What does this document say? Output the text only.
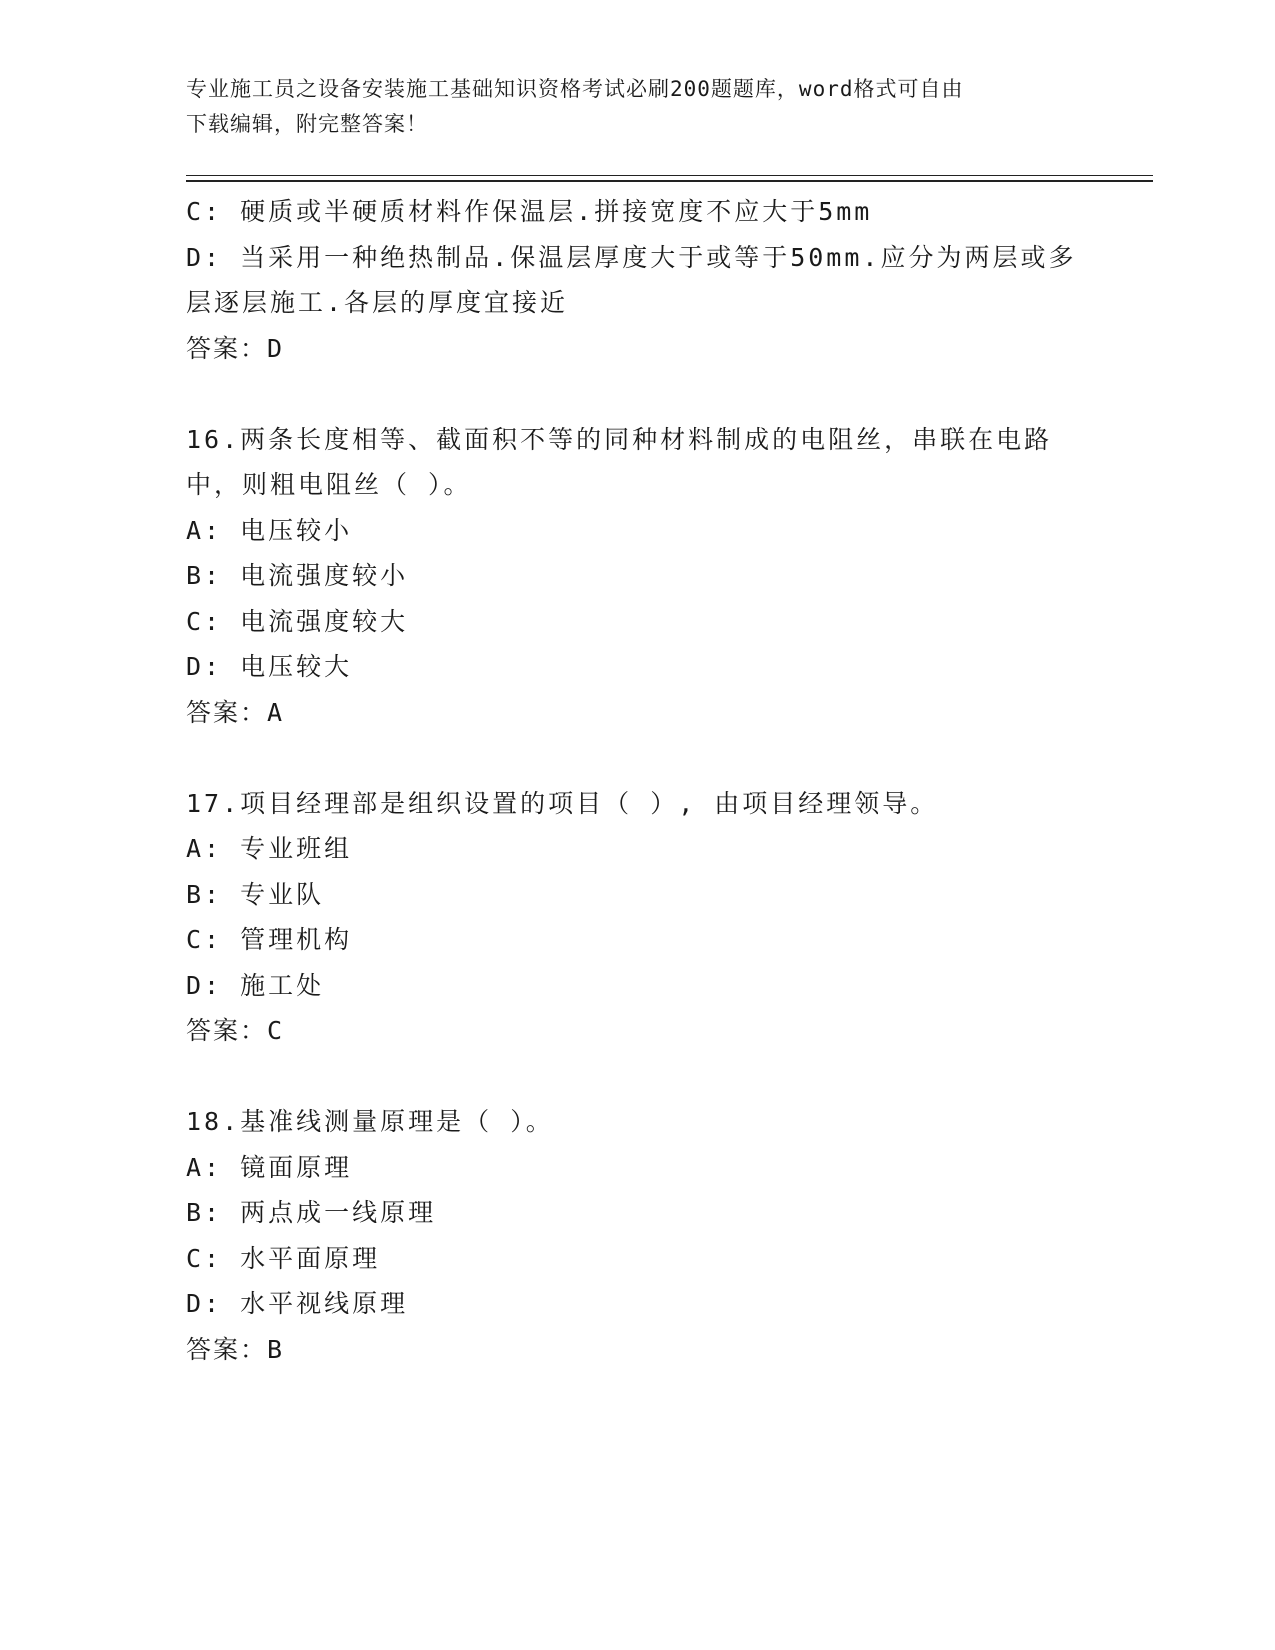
专业施工员之设备安装施工基础知识资格考试必刷200题题库，word格式可自由
下载编辑，附完整答案！
C: 硬质或半硬质材料作保温层.拼接宽度不应大于5mm
D: 当采用一种绝热制品.保温层厚度大于或等于50mm.应分为两层或多
层逐层施工.各层的厚度宜接近
答案：D
16.两条长度相等、截面积不等的同种材料制成的电阻丝，串联在电路
中，则粗电阻丝（ ）。
A: 电压较小
B: 电流强度较小
C: 电流强度较大
D: 电压较大
答案：A
17.项目经理部是组织设置的项目（ ）, 由项目经理领导。
A: 专业班组
B: 专业队
C: 管理机构
D: 施工处
答案：C
18.基准线测量原理是（ ）。
A: 镜面原理
B: 两点成一线原理
C: 水平面原理
D: 水平视线原理
答案：B
